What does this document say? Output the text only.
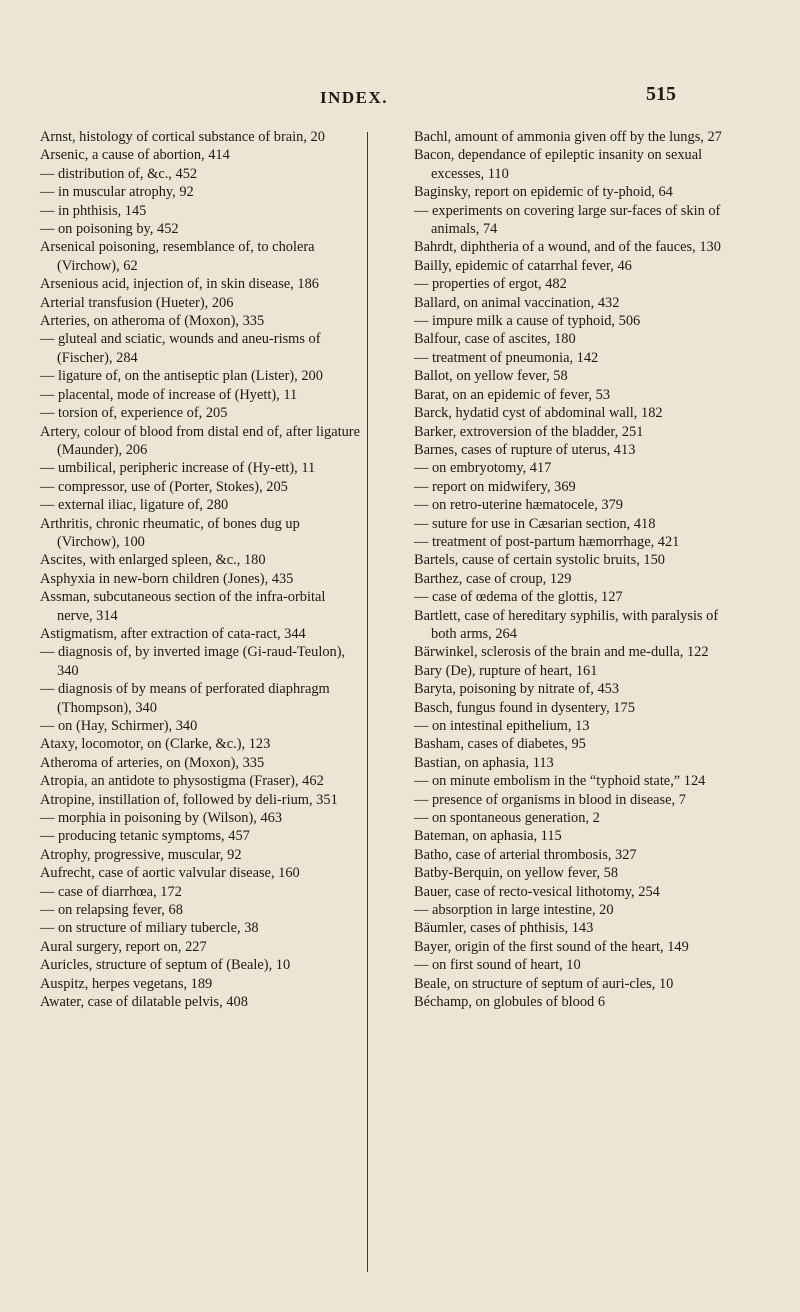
INDEX.	515
Arnst, histology of cortical substance of brain, 20
Arsenic, a cause of abortion, 414
— distribution of, &c., 452
— in muscular atrophy, 92
— in phthisis, 145
— on poisoning by, 452
Arsenical poisoning, resemblance of, to cholera (Virchow), 62
Arsenious acid, injection of, in skin disease, 186
Arterial transfusion (Hueter), 206
Arteries, on atheroma of (Moxon), 335
— gluteal and sciatic, wounds and aneu-risms of (Fischer), 284
— ligature of, on the antiseptic plan (Lister), 200
— placental, mode of increase of (Hyett), 11
— torsion of, experience of, 205
Artery, colour of blood from distal end of, after ligature (Maunder), 206
— umbilical, peripheric increase of (Hy-ett), 11
— compressor, use of (Porter, Stokes), 205
— external iliac, ligature of, 280
Arthritis, chronic rheumatic, of bones dug up (Virchow), 100
Ascites, with enlarged spleen, &c., 180
Asphyxia in new-born children (Jones), 435
Assman, subcutaneous section of the infra-orbital nerve, 314
Astigmatism, after extraction of cata-ract, 344
— diagnosis of, by inverted image (Gi-raud-Teulon), 340
— diagnosis of by means of perforated diaphragm (Thompson), 340
— on (Hay, Schirmer), 340
Ataxy, locomotor, on (Clarke, &c.), 123
Atheroma of arteries, on (Moxon), 335
Atropia, an antidote to physostigma (Fraser), 462
Atropine, instillation of, followed by deli-rium, 351
— morphia in poisoning by (Wilson), 463
— producing tetanic symptoms, 457
Atrophy, progressive, muscular, 92
Aufrecht, case of aortic valvular disease, 160
— case of diarrhœa, 172
— on relapsing fever, 68
— on structure of miliary tubercle, 38
Aural surgery, report on, 227
Auricles, structure of septum of (Beale), 10
Auspitz, herpes vegetans, 189
Awater, case of dilatable pelvis, 408
Bachl, amount of ammonia given off by the lungs, 27
Bacon, dependance of epileptic insanity on sexual excesses, 110
Baginsky, report on epidemic of ty-phoid, 64
— experiments on covering large sur-faces of skin of animals, 74
Bahrdt, diphtheria of a wound, and of the fauces, 130
Bailly, epidemic of catarrhal fever, 46
— properties of ergot, 482
Ballard, on animal vaccination, 432
— impure milk a cause of typhoid, 506
Balfour, case of ascites, 180
— treatment of pneumonia, 142
Ballot, on yellow fever, 58
Barat, on an epidemic of fever, 53
Barck, hydatid cyst of abdominal wall, 182
Barker, extroversion of the bladder, 251
Barnes, cases of rupture of uterus, 413
— on embryotomy, 417
— report on midwifery, 369
— on retro-uterine hæmatocele, 379
— suture for use in Cæsarian section, 418
— treatment of post-partum hæmorrhage, 421
Bartels, cause of certain systolic bruits, 150
Barthez, case of croup, 129
— case of œdema of the glottis, 127
Bartlett, case of hereditary syphilis, with paralysis of both arms, 264
Bärwinkel, sclerosis of the brain and me-dulla, 122
Bary (De), rupture of heart, 161
Baryta, poisoning by nitrate of, 453
Basch, fungus found in dysentery, 175
— on intestinal epithelium, 13
Basham, cases of diabetes, 95
Bastian, on aphasia, 113
— on minute embolism in the “typhoid state,” 124
— presence of organisms in blood in disease, 7
— on spontaneous generation, 2
Bateman, on aphasia, 115
Batho, case of arterial thrombosis, 327
Batby-Berquin, on yellow fever, 58
Bauer, case of recto-vesical lithotomy, 254
— absorption in large intestine, 20
Bäumler, cases of phthisis, 143
Bayer, origin of the first sound of the heart, 149
— on first sound of heart, 10
Beale, on structure of septum of auri-cles, 10
Béchamp, on globules of blood 6
